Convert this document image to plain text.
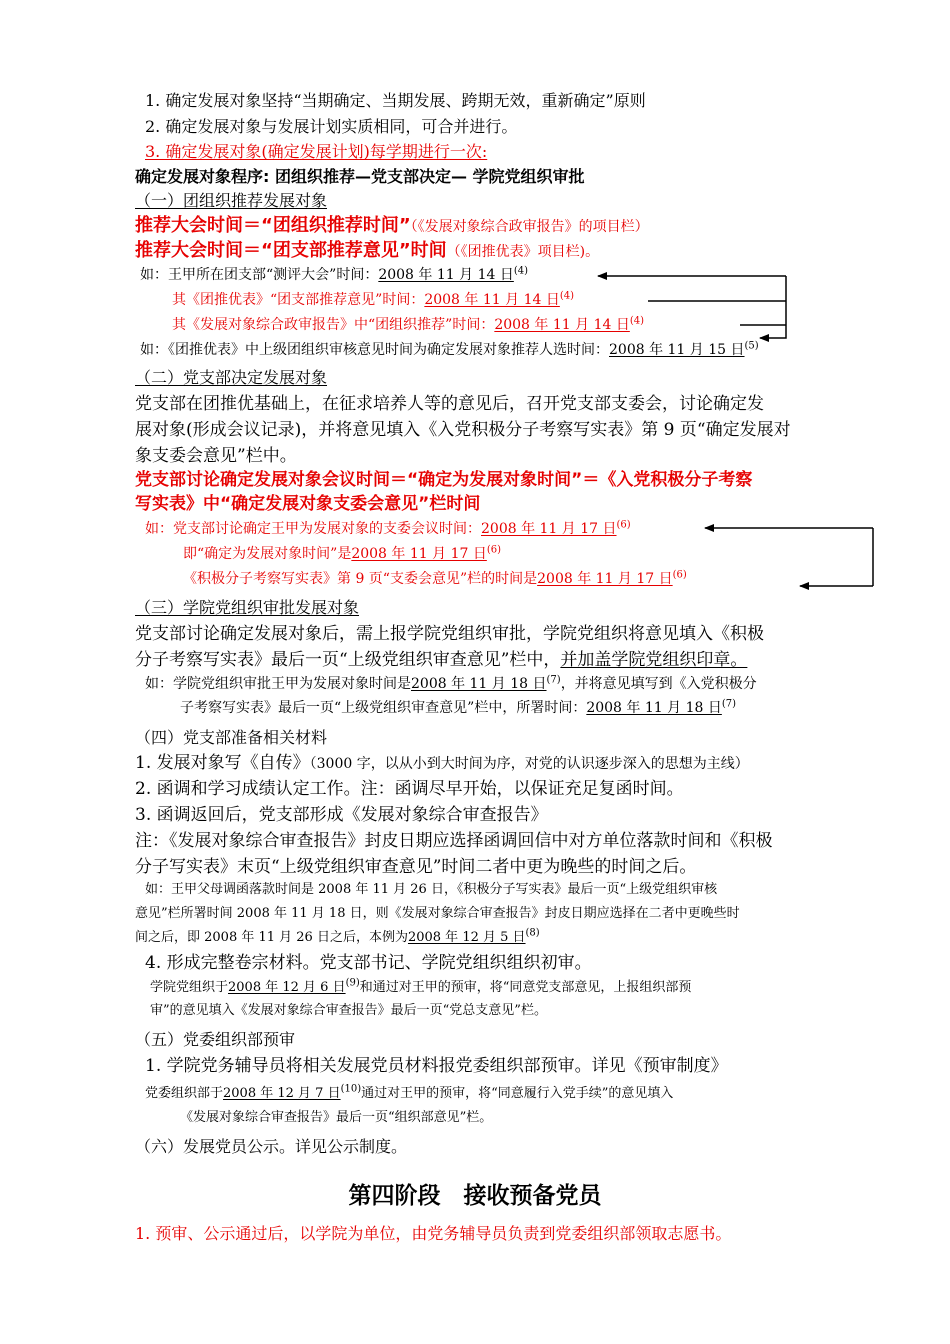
1. 确定发展对象坚持“当期确定、当期发展、跨期无效，重新确定”原则
2. 确定发展对象与发展计划实质相同，可合并进行。
3. 确定发展对象(确定发展计划)每学期进行一次:
确定发展对象程序: 团组织推荐—党支部决定— 学院党组织审批
（一）团组织推荐发展对象
推荐大会时间＝“团组织推荐时间”（《发展对象综合政审报告》的项目栏）
推荐大会时间＝“团支部推荐意见”时间（《团推优表》项目栏)。
如：王甲所在团支部“测评大会”时间：2008 年 11 月 14 日$^{(4)}$
其《团推优表》“团支部推荐意见”时间：2008 年 11 月 14 日$^{(4)}$
其《发展对象综合政审报告》中“团组织推荐”时间：2008 年 11 月 14 日$^{(4)}$
如：《团推优表》中上级团组织审核意见时间为确定发展对象推荐人选时间：2008 年 11 月 15 日$^{(5)}$
（二）党支部决定发展对象
党支部在团推优基础上，在征求培养人等的意见后，召开党支部支委会，讨论确定发
展对象(形成会议记录)，并将意见填入《入党积极分子考察写实表》第 9 页“确定发展对
象支委会意见”栏中。
党支部讨论确定发展对象会议时间＝“确定为发展对象时间”＝《入党积极分子考察
写实表》中“确定发展对象支委会意见”栏时间
如：党支部讨论确定王甲为发展对象的支委会议时间：2008 年 11 月 17 日$^{(6)}$
即“确定为发展对象时间”是2008 年 11 月 17 日$^{(6)}$
《积极分子考察写实表》第 9 页“支委会意见”栏的时间是2008 年 11 月 17 日$^{(6)}$
（三）学院党组织审批发展对象
党支部讨论确定发展对象后，需上报学院党组织审批，学院党组织将意见填入《积极
分子考察写实表》最后一页“上级党组织审查意见”栏中，并加盖学院党组织印章。
如：学院党组织审批王甲为发展对象时间是2008 年 11 月 18 日$^{(7)}$，并将意见填写到《入党积极分
子考察写实表》最后一页“上级党组织审查意见”栏中，所署时间：2008 年 11 月 18 日$^{(7)}$
（四）党支部准备相关材料
1. 发展对象写《自传》（3000 字，以从小到大时间为序，对党的认识逐步深入的思想为主线）
2. 函调和学习成绩认定工作。注：函调尽早开始，以保证充足复函时间。
3. 函调返回后，党支部形成《发展对象综合审查报告》
注：《发展对象综合审查报告》封皮日期应选择函调回信中对方单位落款时间和《积极
分子写实表》末页“上级党组织审查意见”时间二者中更为晚些的时间之后。
如：王甲父母调函落款时间是 2008 年 11 月 26 日，《积极分子写实表》最后一页“上级党组织审核
意见”栏所署时间 2008 年 11 月 18 日，则《发展对象综合审查报告》封皮日期应选择在二者中更晚些时
间之后，即 2008 年 11 月 26 日之后，本例为2008 年 12 月 5 日$^{(8)}$
4. 形成完整卷宗材料。党支部书记、学院党组织组织初审。
学院党组织于2008 年 12 月 6 日$^{(9)}$和通过对王甲的预审，将“同意党支部意见，上报组织部预
审”的意见填入《发展对象综合审查报告》最后一页“党总支意见”栏。
（五）党委组织部预审
1. 学院党务辅导员将相关发展党员材料报党委组织部预审。详见《预审制度》
党委组织部于2008 年 12 月 7 日$^{(10)}$通过对王甲的预审，将“同意履行入党手续”的意见填入
《发展对象综合审查报告》最后一页“组织部意见”栏。
（六）发展党员公示。详见公示制度。
第四阶段　接收预备党员
1. 预审、公示通过后，以学院为单位，由党务辅导员负责到党委组织部领取志愿书。
